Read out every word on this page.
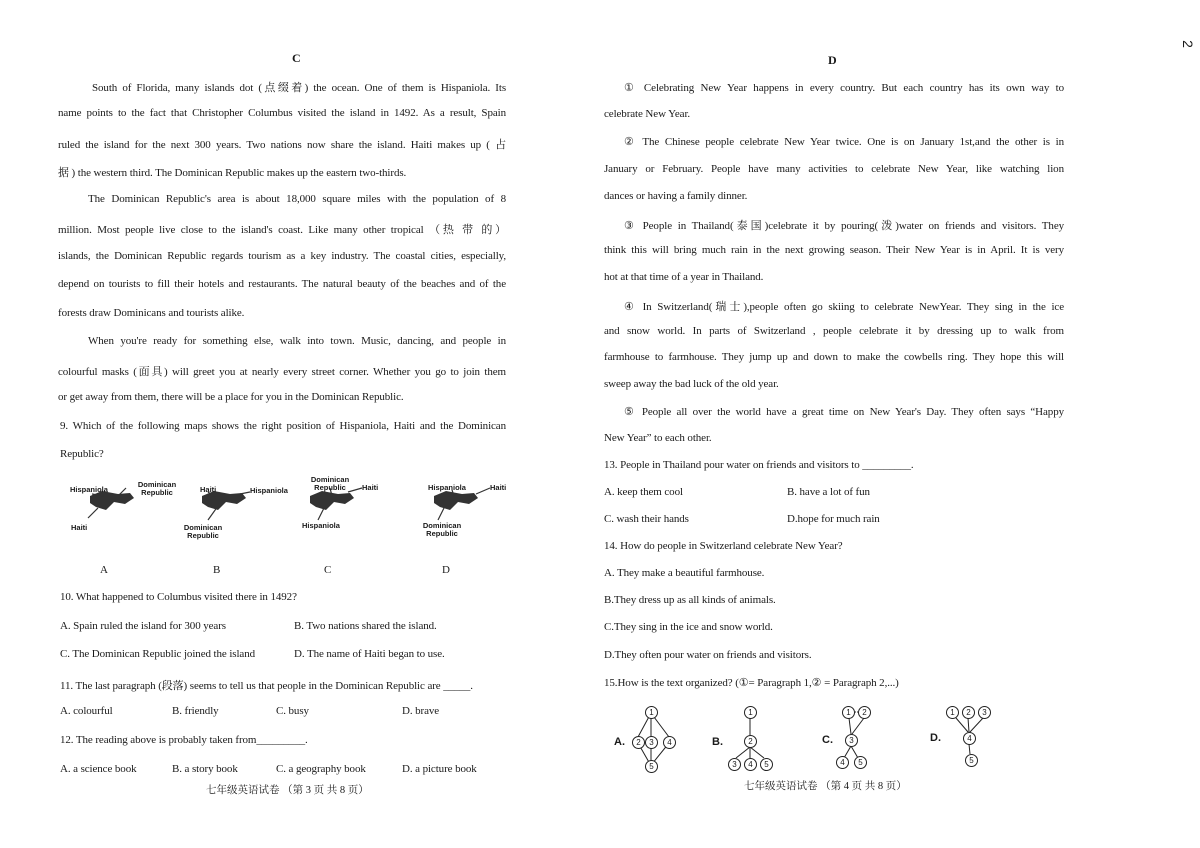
2
C
South of Florida, many islands dot (点缀着) the ocean. One of them is Hispaniola. Its
name points to the fact that Christopher Columbus visited the island in 1492. As a result, Spain
ruled the island for the next 300 years. Two nations now share the island. Haiti makes up ( 占
据 ) the western third. The Dominican Republic makes up the eastern two-thirds.
The Dominican Republic's area is about 18,000 square miles with the population of 8
million. Most people live close to the island's coast. Like many other tropical （热 带 的）
islands, the Dominican Republic regards tourism as a key industry. The coastal cities, especially,
depend on tourists to fill their hotels and restaurants. The natural beauty of the beaches and of the
forests draw Dominicans and tourists alike.
When you're ready for something else, walk into town. Music, dancing, and people in
colourful masks (面具) will greet you at nearly every street corner. Whether you go to join them
or get away from them, there will be a place for you in the Dominican Republic.
9. Which of the following maps shows the right position of Hispaniola, Haiti and the Dominican
Republic?
Hispaniola
Dominican Republic
Haiti
Haiti	Hispaniola
Dominican Republic
Dominican Republic	Haiti
Hispaniola
Hispaniola	Haiti
Dominican Republic
A	B	C	D
10. What happened to Columbus visited there in 1492?
A. Spain ruled the island for 300 years	B. Two nations shared the island.
C. The Dominican Republic joined the island	D. The name of Haiti began to use.
11. The last paragraph (段落) seems to tell us that people in the Dominican Republic are _____.
A. colourful	B. friendly	C. busy	D. brave
12. The reading above is probably taken from_________.
A. a science book	B. a story book	C. a geography book	D. a picture book
七年级英语试卷 （第 3 页 共 8 页）
D
① Celebrating New Year happens in every country. But each country has its own way to
celebrate New Year.
② The Chinese people celebrate New Year twice. One is on January 1st,and the other is in
January or February. People have many activities to celebrate New Year, like watching lion
dances or having a family dinner.
③ People in Thailand(泰国)celebrate it by pouring(泼)water on friends and visitors. They
think this will bring much rain in the next growing season. Their New Year is in April. It is very
hot at that time of a year in Thailand.
④ In Switzerland(瑞士),people often go skiing to celebrate NewYear. They sing in the ice
and snow world. In parts of Switzerland , people celebrate it by dressing up to walk from
farmhouse to farmhouse. They jump up and down to make the cowbells ring. They hope this will
sweep away the bad luck of the old year.
⑤ People all over the world have a great time on New Year's Day. They often says “Happy
New Year” to each other.
13. People in Thailand pour water on friends and visitors to _________.
A. keep them cool	B. have a lot of fun
C. wash their hands	D.hope for much rain
14. How do people in Switzerland celebrate New Year?
A. They make a beautiful farmhouse.
B.They dress up as all kinds of animals.
C.They sing in the ice and snow world.
D.They often pour water on friends and visitors.
15.How is the text organized? (①= Paragraph 1,② = Paragraph 2,...)
A.
1
2	3	4
5
B.
1
2
3	4	5
C.
1	2
3
4	5
D.
1	2	3
4
5
七年级英语试卷 （第 4 页 共 8 页）
